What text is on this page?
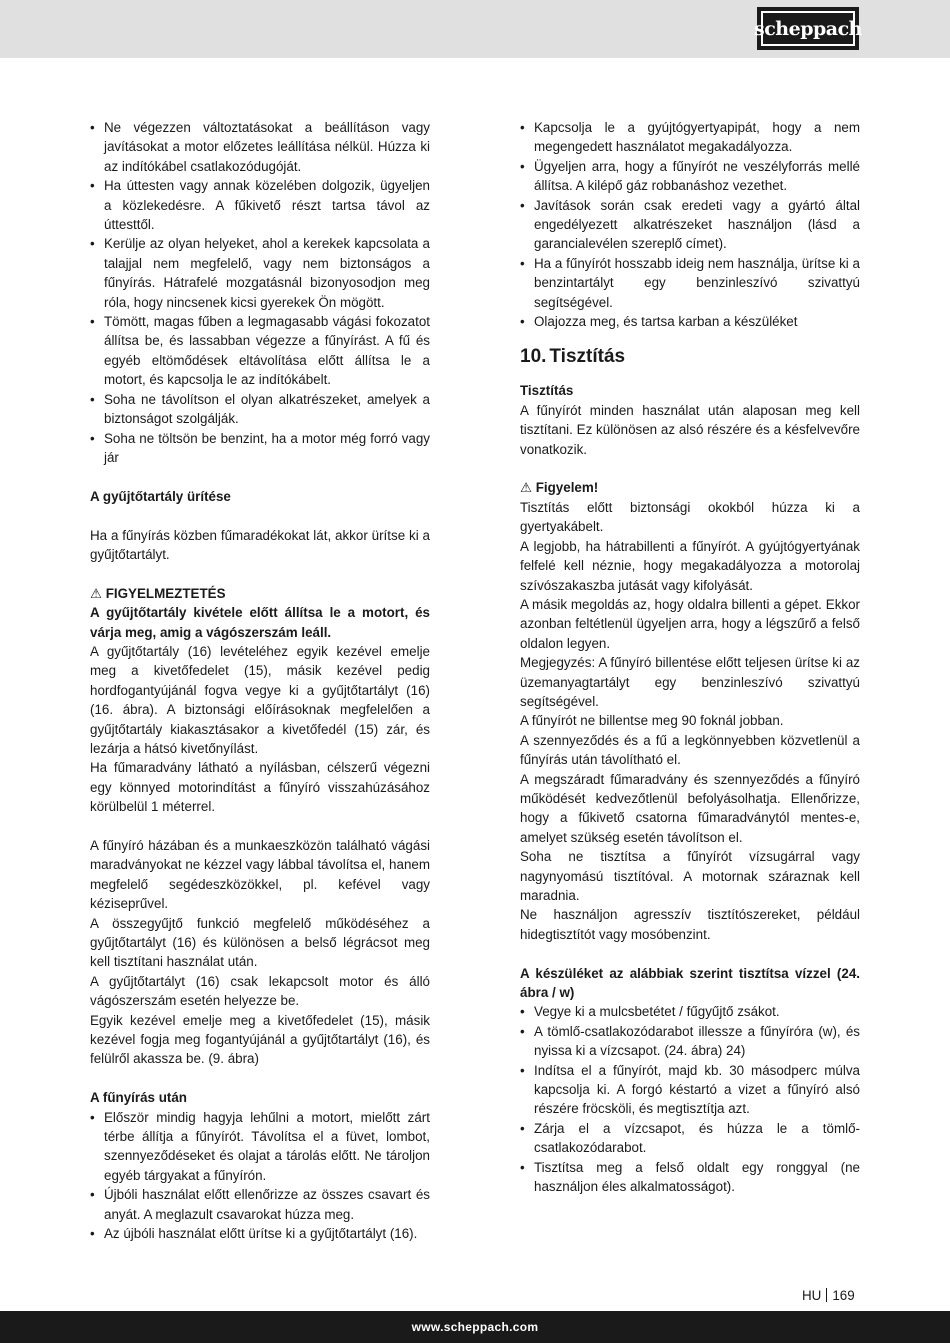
scheppach
• Ne végezzen változtatásokat a beállításon vagy javításokat a motor előzetes leállítása nélkül. Húzza ki az indítókábel csatlakozódugóját.
• Ha úttesten vagy annak közelében dolgozik, ügyeljen a közlekedésre. A fűkivető részt tartsa távol az úttesttől.
• Kerülje az olyan helyeket, ahol a kerekek kapcsolata a talajjal nem megfelelő, vagy nem biztonságos a fűnyírás. Hátrafelé mozgatásnál bizonyosodjon meg róla, hogy nincsenek kicsi gyerekek Ön mögött.
• Tömött, magas fűben a legmagasabb vágási fokozatot állítsa be, és lassabban végezze a fűnyírást. A fű és egyéb eltömődések eltávolítása előtt állítsa le a motort, és kapcsolja le az indítókábelt.
• Soha ne távolítson el olyan alkatrészeket, amelyek a biztonságot szolgálják.
• Soha ne töltsön be benzint, ha a motor még forró vagy jár

A gyűjtőtartály ürítése

Ha a fűnyírás közben fűmaradékokat lát, akkor ürítse ki a gyűjtőtartályt.

⚠ FIGYELMEZTETÉS

A gyűjtőtartály kivétele előtt állítsa le a motort, és várja meg, amig a vágószerszám leáll.

A gyűjtőtartály (16) levételéhez egyik kezével emelje meg a kivetőfedelet (15), másik kezével pedig hordfogantyújánál fogva vegye ki a gyűjtőtartályt (16) (16. ábra). A biztonsági előírásoknak megfelelően a gyűjtőtartály kiakasztásakor a kivetőfedél (15) zár, és lezárja a hátsó kivetőnyílást.

Ha fűmaradvány látható a nyílásban, célszerű végezni egy könnyed motorindítást a fűnyíró visszahúzásához körülbelül 1 méterrel.

A fűnyíró házában és a munkaeszközön található vágási maradványokat ne kézzel vagy lábbal távolítsa el, hanem megfelelő segédeszközökkel, pl. kefével vagy kéziseprűvel.

A összegyűjtő funkció megfelelő működéséhez a gyűjtőtartályt (16) és különösen a belső légrácsot meg kell tisztítani használat után.

A gyűjtőtartályt (16) csak lekapcsolt motor és álló vágószerszám esetén helyezze be.

Egyik kezével emelje meg a kivetőfedelet (15), másik kezével fogja meg fogantyújánál a gyűjtőtartályt (16), és felülről akassza be. (9. ábra)

A fűnyírás után

• Először mindig hagyja lehűlni a motort, mielőtt zárt térbe állítja a fűnyírót. Távolítsa el a füvet, lombot, szennyeződéseket és olajat a tárolás előtt. Ne tároljon egyéb tárgyakat a fűnyírón.
• Újbóli használat előtt ellenőrizze az összes csavart és anyát. A meglazult csavarokat húzza meg.
• Az újbóli használat előtt ürítse ki a gyűjtőtartályt (16).
• Kapcsolja le a gyújtógyertyapipát, hogy a nem megengedett használatot megakadályozza.
• Ügyeljen arra, hogy a fűnyírót ne veszélyforrás mellé állítsa. A kilépő gáz robbanáshoz vezethet.
• Javítások során csak eredeti vagy a gyártó által engedélyezett alkatrészeket használjon (lásd a garancialevélen szereplő címet).
• Ha a fűnyírót hosszabb ideig nem használja, ürítse ki a benzintartályt egy benzinleszívó szivattyú segítségével.
• Olajozza meg, és tartsa karban a készüléket
10. Tisztítás

Tisztítás

A fűnyírót minden használat után alaposan meg kell tisztítani. Ez különösen az alsó részére és a késfelvevőre vonatkozik.

⚠ Figyelem!

Tisztítás előtt biztonsági okokból húzza ki a gyertyakábelt.

A legjobb, ha hátrabillenti a fűnyírót. A gyújtógyertyának felfelé kell néznie, hogy megakadályozza a motorolaj szívószakaszba jutását vagy kifolyását.

A másik megoldás az, hogy oldalra billenti a gépet. Ekkor azonban feltétlenül ügyeljen arra, hogy a légszűrő a felső oldalon legyen.

Megjegyzés: A fűnyíró billentése előtt teljesen ürítse ki az üzemanyagtartályt egy benzinleszívó szivattyú segítségével.

A fűnyírót ne billentse meg 90 foknál jobban.

A szennyeződés és a fű a legkönnyebben közvetlenül a fűnyírás után távolítható el.

A megszáradt fűmaradvány és szennyeződés a fűnyíró működését kedvezőtlenül befolyásolhatja. Ellenőrizze, hogy a fűkivető csatorna fűmaradványtól mentes-e, amelyet szükség esetén távolítson el.

Soha ne tisztítsa a fűnyírót vízsugárral vagy nagynyomású tisztítóval. A motornak száraznak kell maradnia.

Ne használjon agresszív tisztítószereket, például hidegtisztítót vagy mosóbenzint.

A készüléket az alábbiak szerint tisztítsa vízzel (24. ábra / w)

• Vegye ki a mulcsbetétet / fűgyűjtő zsákot.
• A tömlő-csatlakozódarabot illessze a fűnyíróra (w), és nyissa ki a vízcsapot. (24. ábra) 24)
• Indítsa el a fűnyírót, majd kb. 30 másodperc múlva kapcsolja ki. A forgó késtartó a vizet a fűnyíró alsó részére fröcsköli, és megtisztítja azt.
• Zárja el a vízcsapot, és húzza le a tömlő-csatlakozódarabot.
• Tisztítsa meg a felső oldalt egy ronggyal (ne használjon éles alkalmatosságot).
HU 169
www.scheppach.com
